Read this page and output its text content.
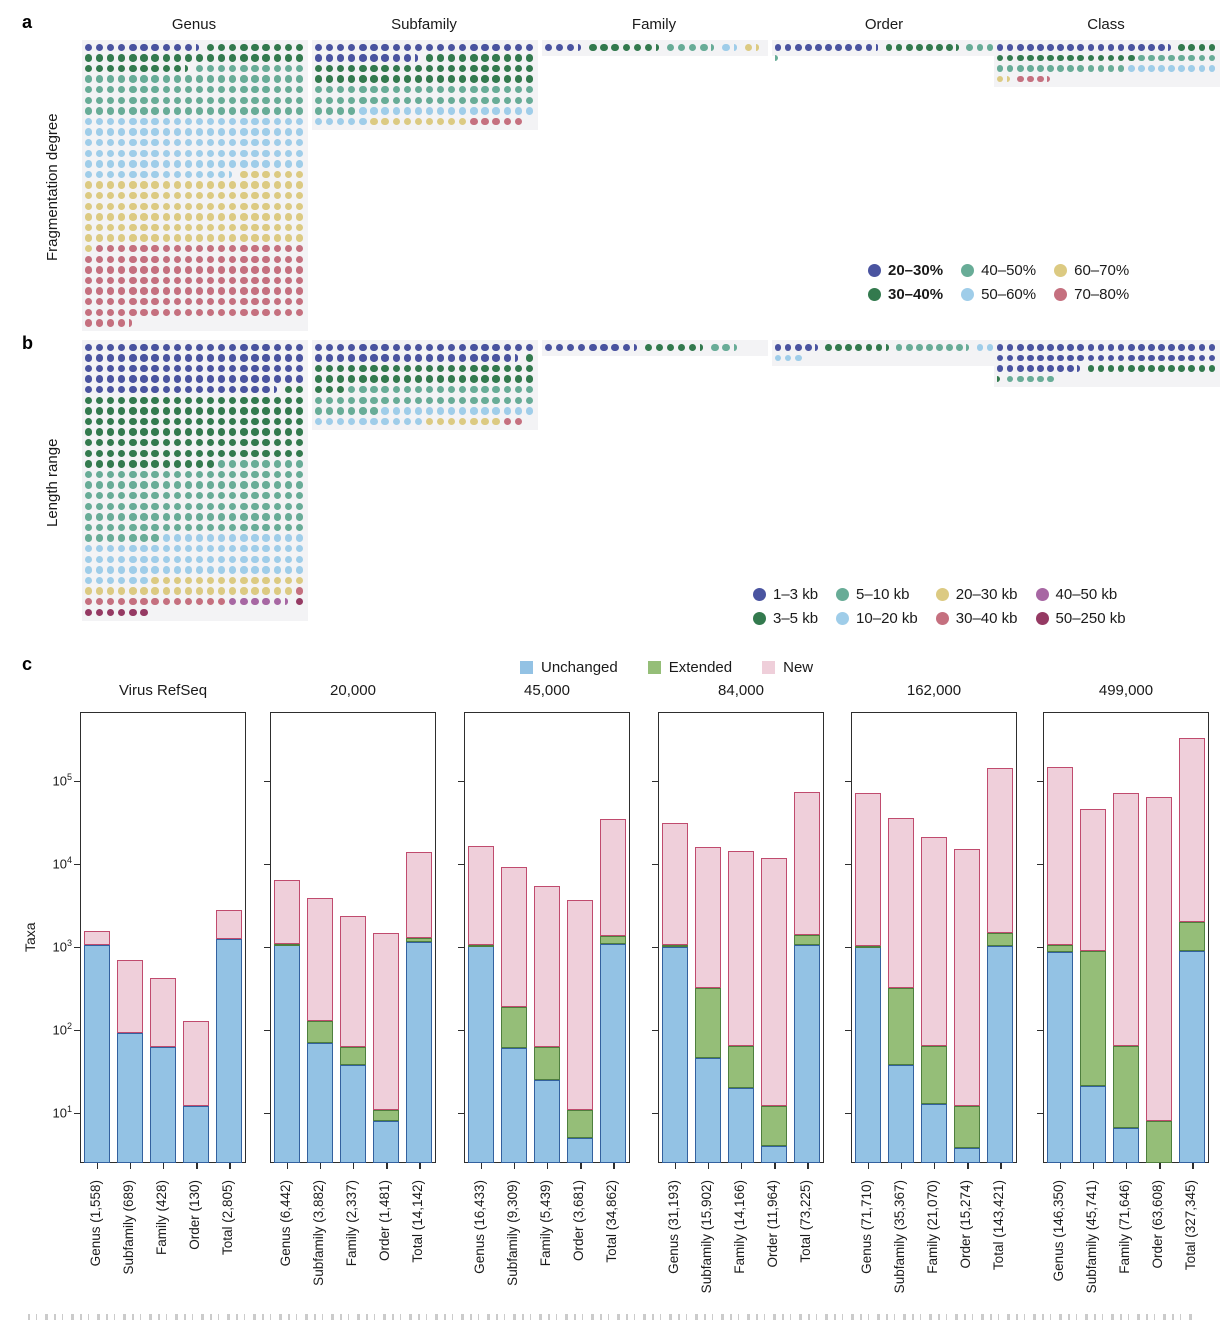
a
b
c
Fragmentation degree
Length range
Taxa
Genus	Subfamily	Family	Order	Class
20–30%	40–50%	60–70%
30–40%	50–60%	70–80%
1–3 kb	5–10 kb	20–30 kb	40–50 kb
3–5 kb	10–20 kb	30–40 kb	50–250 kb
Unchanged	Extended	New
$10^5$
$10^4$
$10^3$
$10^2$
$10^1$
Virus RefSeq
Genus (1,558) Subfamily (689) Family (428) Order (130) Total (2,805)
20,000
Genus (6,442) Subfamily (3,882) Family (2,337) Order (1,481) Total (14,142)
45,000
Genus (16,433) Subfamily (9,309) Family (5,439) Order (3,681) Total (34,862)
84,000
Genus (31,193) Subfamily (15,902) Family (14,166) Order (11,964) Total (73,225)
162,000
Genus (71,710) Subfamily (35,367) Family (21,070) Order (15,274) Total (143,421)
499,000
Genus (146,350) Subfamily (45,741) Family (71,646) Order (63,608) Total (327,345)
